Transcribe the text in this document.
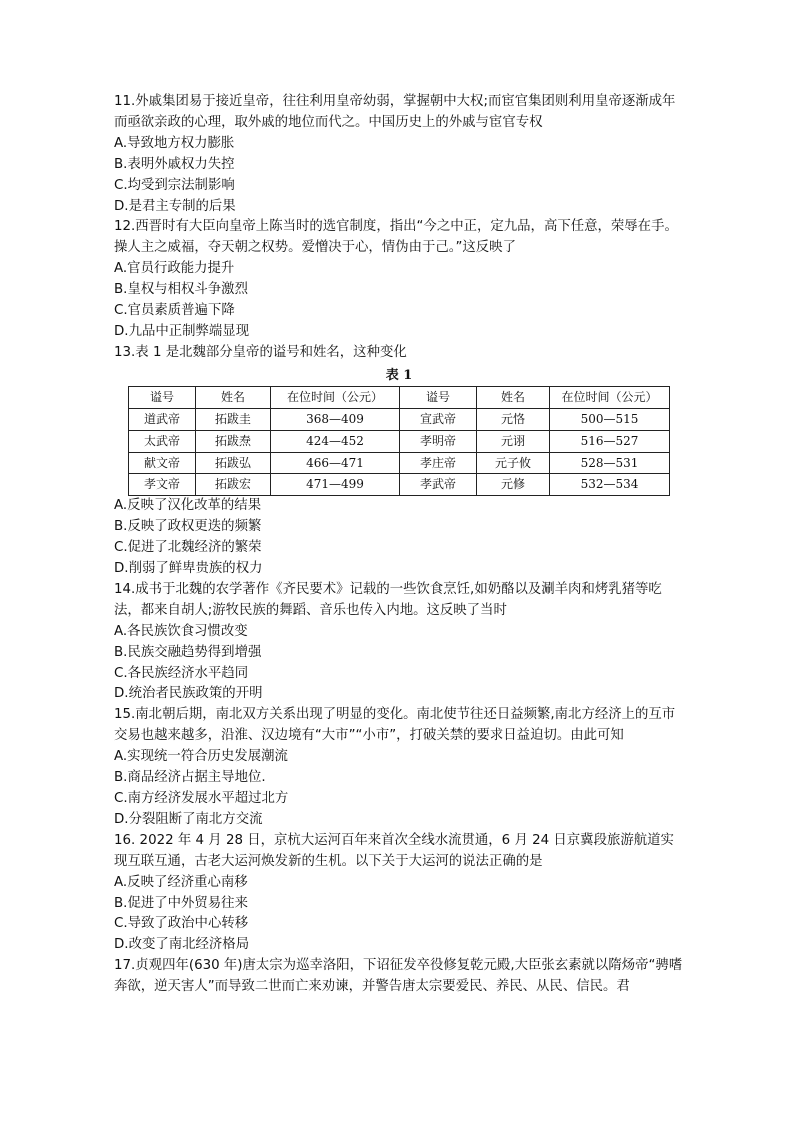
11.外戚集团易于接近皇帝，往往利用皇帝幼弱，掌握朝中大权;而宦官集团则利用皇帝逐渐成年而亟欲亲政的心理，取外戚的地位而代之。中国历史上的外戚与宦官专权

A.导致地方权力膨胀

B.表明外戚权力失控

C.均受到宗法制影响

D.是君主专制的后果

12.西晋时有大臣向皇帝上陈当时的选官制度，指出“今之中正，定九品，高下任意，荣辱在手。操人主之威福，夺天朝之权势。爱憎决于心，情伪由于己。”这反映了

A.官员行政能力提升

B.皇权与相权斗争激烈

C.官员素质普遍下降

D.九品中正制弊端显现

13.表 1 是北魏部分皇帝的谥号和姓名，这种变化

表 1
谥号	姓名	在位时间（公元）	谥号	姓名	在位时间（公元）
道武帝	拓跋圭	368—409	宣武帝	元恪	500—515
太武帝	拓跋焘	424—452	孝明帝	元诩	516—527
献文帝	拓跋弘	466—471	孝庄帝	元子攸	528—531
孝文帝	拓跋宏	471—499	孝武帝	元修	532—534

A.反映了汉化改革的结果

B.反映了政权更迭的频繁

C.促进了北魏经济的繁荣

D.削弱了鲜卑贵族的权力

14.成书于北魏的农学著作《齐民要术》记载的一些饮食烹饪,如奶酪以及涮羊肉和烤乳猪等吃法，都来自胡人;游牧民族的舞蹈、音乐也传入内地。这反映了当时

A.各民族饮食习惯改变

B.民族交融趋势得到增强

C.各民族经济水平趋同

D.统治者民族政策的开明

15.南北朝后期，南北双方关系出现了明显的变化。南北使节往还日益频繁,南北方经济上的互市交易也越来越多，沿淮、汉边境有“大市”“小市”，打破关禁的要求日益迫切。由此可知

A.实现统一符合历史发展潮流

B.商品经济占据主导地位.

C.南方经济发展水平超过北方

D.分裂阻断了南北方交流

16. 2022 年 4 月 28 日，京杭大运河百年来首次全线水流贯通，6 月 24 日京冀段旅游航道实现互联互通，古老大运河焕发新的生机。以下关于大运河的说法正确的是

A.反映了经济重心南移

B.促进了中外贸易往来

C.导致了政治中心转移

D.改变了南北经济格局

17.贞观四年(630 年)唐太宗为巡幸洛阳，下诏征发卒役修复乾元殿,大臣张玄素就以隋炀帝“骋嗜奔欲，逆天害人”而导致二世而亡来劝谏，并警告唐太宗要爱民、养民、从民、信民。君
